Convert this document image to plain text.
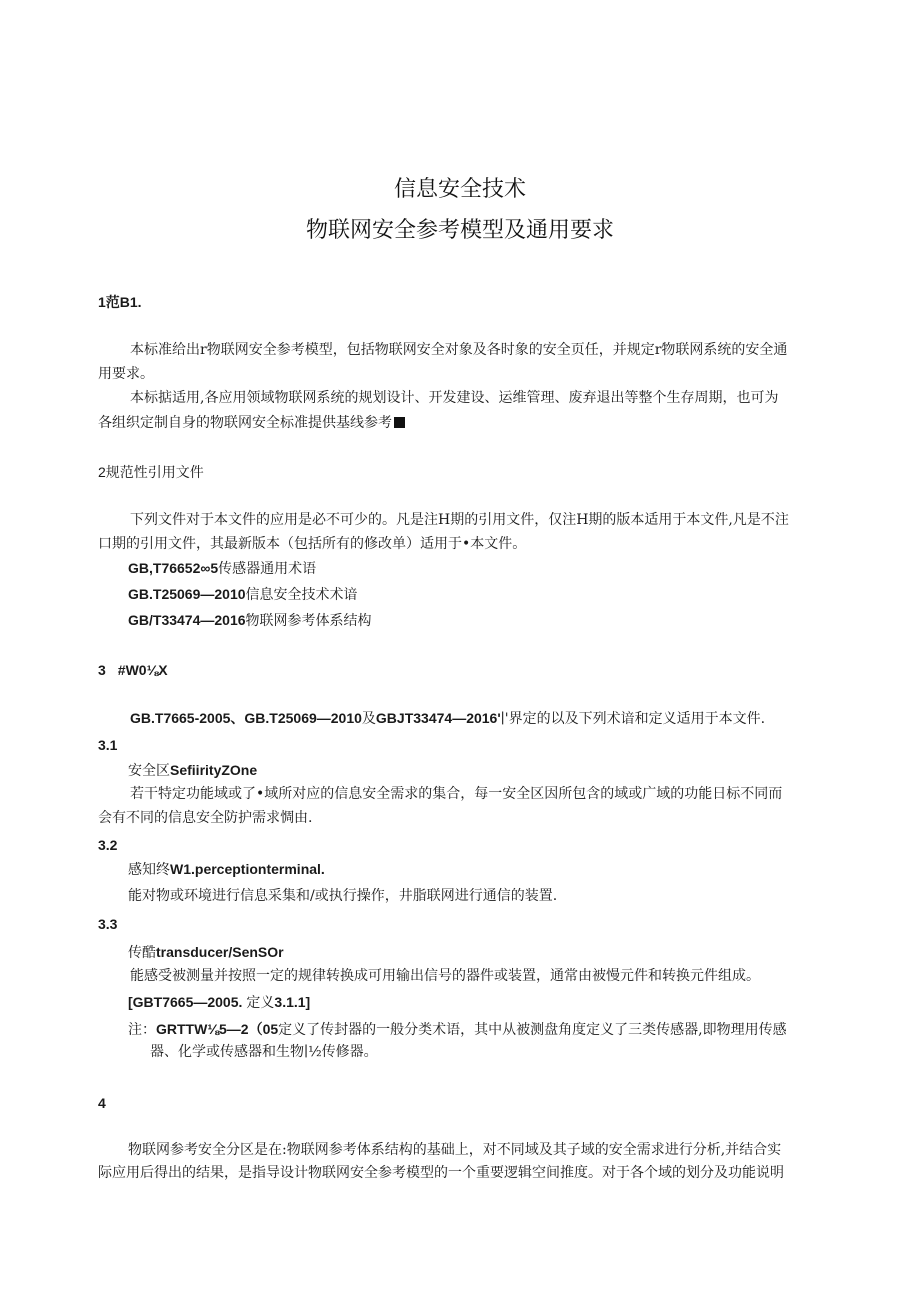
信息安全技术
物联网安全参考模型及通用要求
1范B1.
本标准给出r物联网安全参考模型，包括物联网安全对象及各时象的安全页任，并规定r物联网系统的安全通
用要求。
本标掂适用,各应用领域物联网系统的规划设计、开发建设、运维管理、废弃退出等整个生存周期，也可为
各组织定制自身的物联网安全标准提供基线参考
2规范性引用文件
下列文件对于本文件的应用是必不可少的。凡是注H期的引用文件，仅注H期的版本适用于本文件,凡是不注
口期的引用文件，其最新版本（包括所有的修改单）适用于•本文件。
GB,T76652∞5传感器通用术语
GB.T25069—2010信息安全技术术谙
GB/T33474—2016物联网参考体系结构
3 #W0⅛X
GB.T7665-2005、GB.T25069—2010及GBJT33474—2016'∣'界定的以及下列术谙和定义适用于本文件.
3.1
安全区SefiirityZOne
若干特定功能域或了•域所对应的信息安全需求的集合，每一安全区因所包含的域或广域的功能日标不同而
会有不同的信息安全防护需求惆由.
3.2
感知终W1.perceptionterminal.
能对物或环境进行信息采集和/或执行操作，井脂联网进行通信的装置.
3.3
传酷transducer/SenSOr
能感受被测量并按照一定的规律转换成可用输出信号的器件或装置，通常由被慢元件和转换元件组成。
[GBT7665—2005. 定义3.1.1]
注：GRTTW⅛5—2（05定义了传封器的一般分类术语，其中从被测盘角度定义了三类传感器,即物理用传感
器、化学或传感器和生物∣½传修器。
4
物联网参考安全分区是在:物联网参考体系结构的基础上，对不同域及其子域的安全需求进行分析,并结合实
际应用后得出的结果，是指导设计物联网安全参考模型的一个重要逻辑空间推度。对于各个域的划分及功能说明
